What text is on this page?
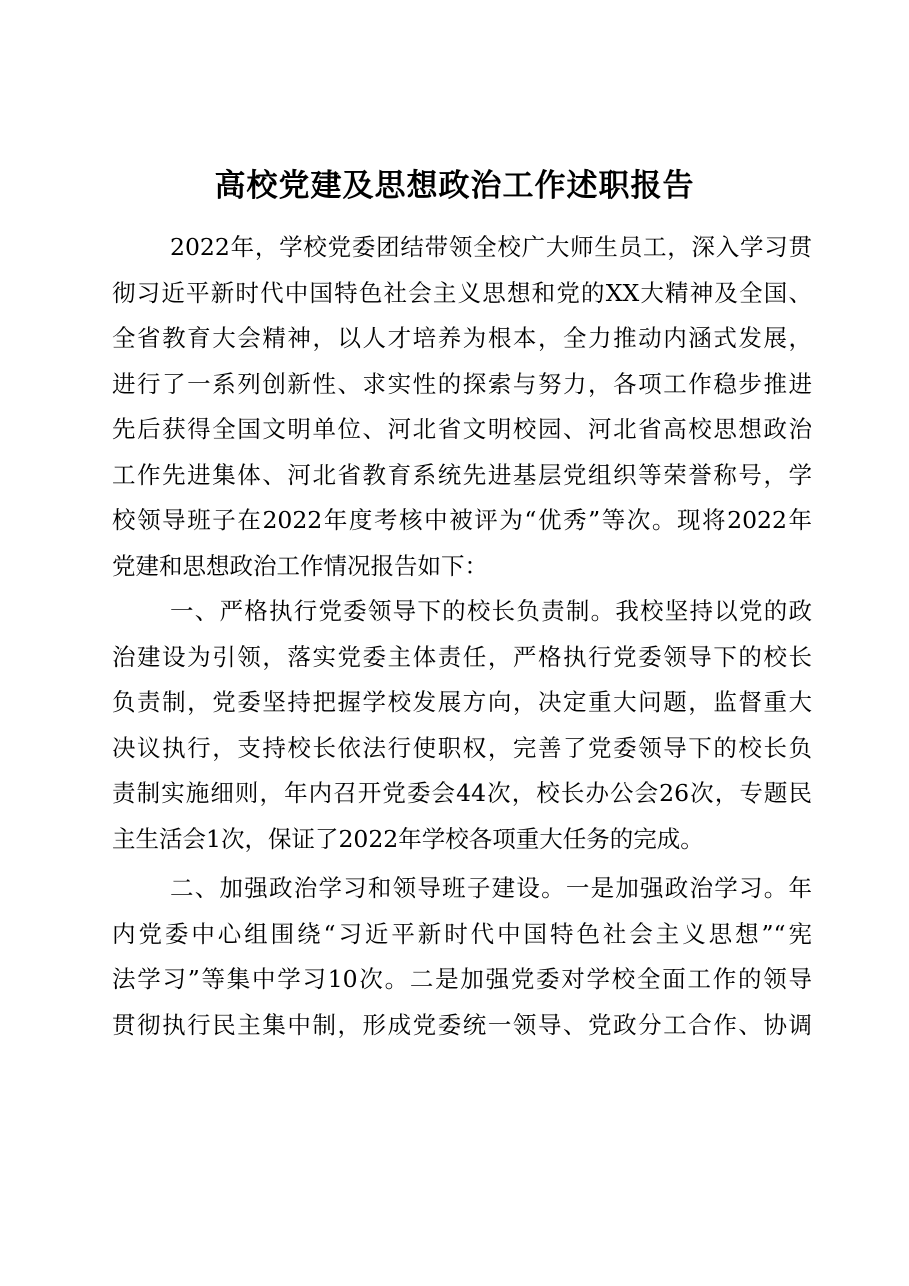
高校党建及思想政治工作述职报告
2022年，学校党委团结带领全校广大师生员工，深入学习贯
彻习近平新时代中国特色社会主义思想和党的XX大精神及全国、
全省教育大会精神，以人才培养为根本，全力推动内涵式发展，
进行了一系列创新性、求实性的探索与努力，各项工作稳步推进
先后获得全国文明单位、河北省文明校园、河北省高校思想政治
工作先进集体、河北省教育系统先进基层党组织等荣誉称号，学
校领导班子在2022年度考核中被评为“优秀”等次。现将2022年
党建和思想政治工作情况报告如下：
一、严格执行党委领导下的校长负责制。我校坚持以党的政
治建设为引领，落实党委主体责任，严格执行党委领导下的校长
负责制，党委坚持把握学校发展方向，决定重大问题，监督重大
决议执行，支持校长依法行使职权，完善了党委领导下的校长负
责制实施细则，年内召开党委会44次，校长办公会26次，专题民
主生活会1次，保证了2022年学校各项重大任务的完成。
二、加强政治学习和领导班子建设。一是加强政治学习。年
内党委中心组围绕“习近平新时代中国特色社会主义思想”“宪
法学习”等集中学习10次。二是加强党委对学校全面工作的领导
贯彻执行民主集中制，形成党委统一领导、党政分工合作、协调
